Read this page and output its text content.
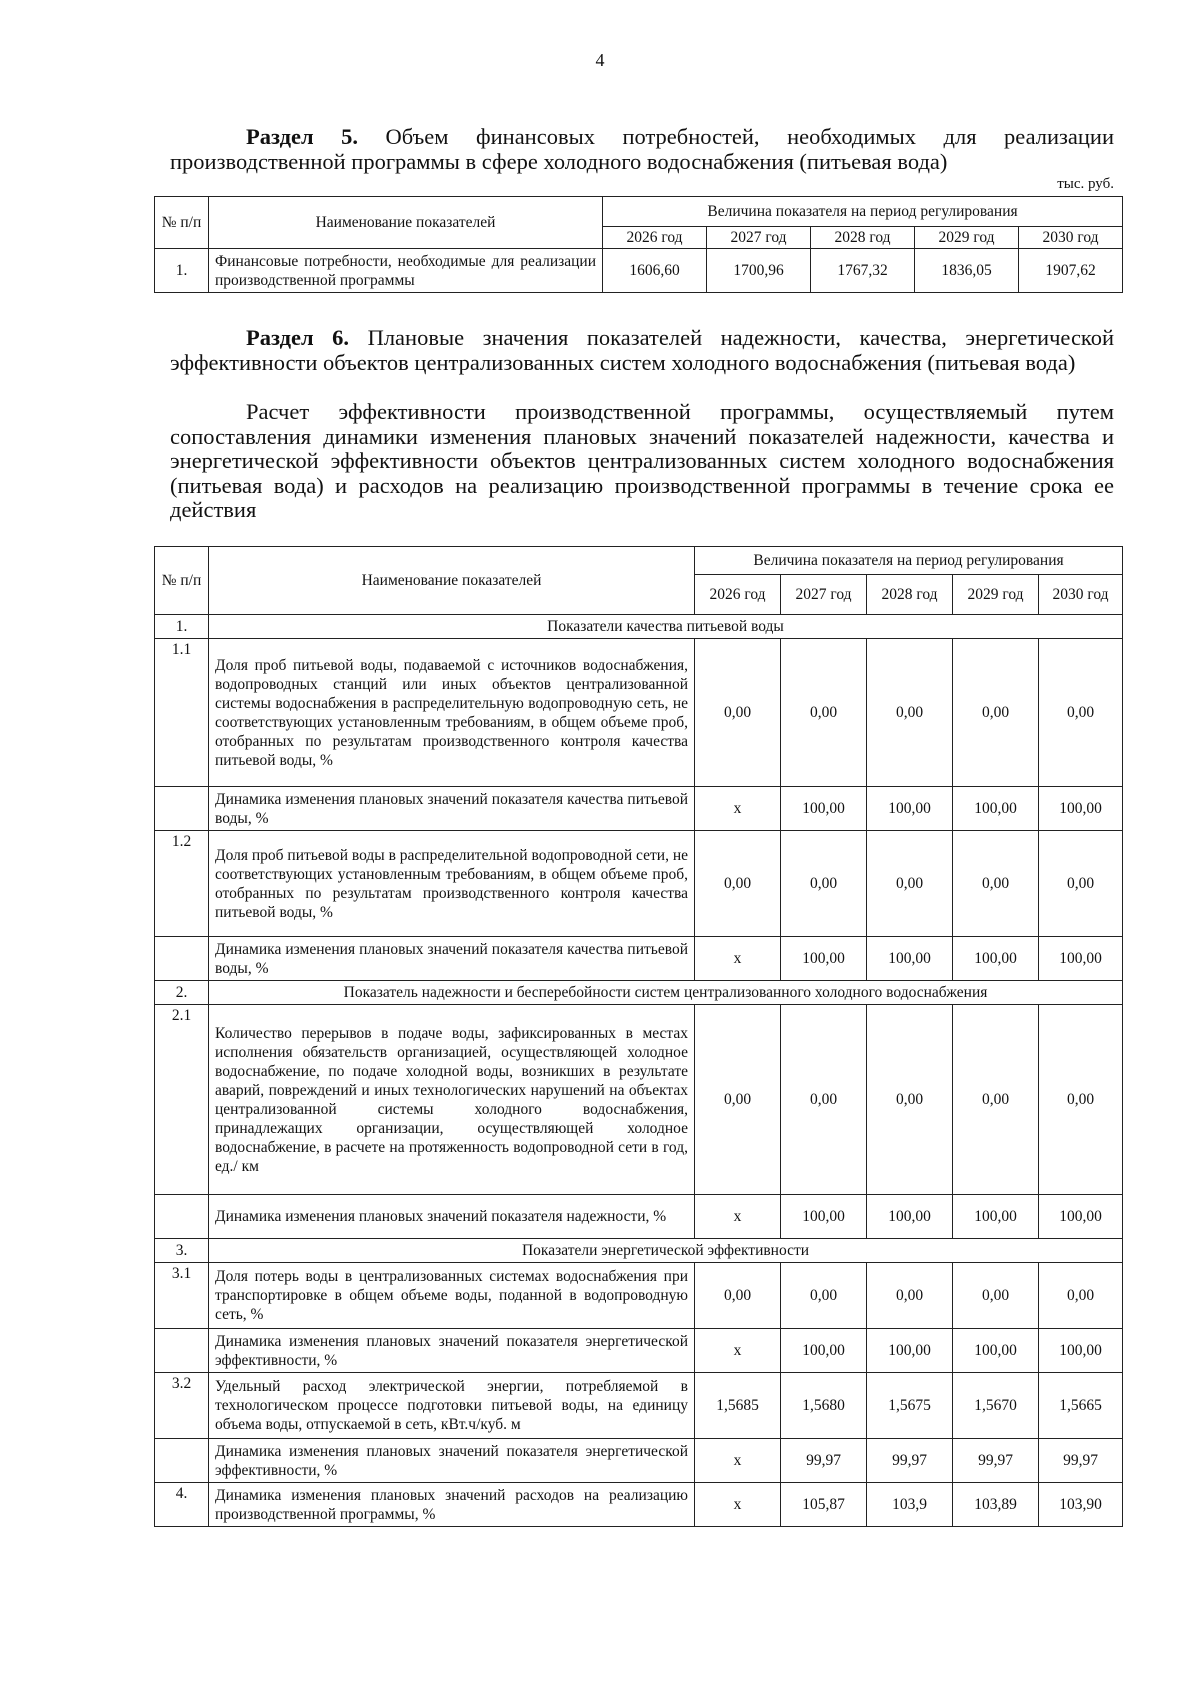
4
Раздел 5. Объем финансовых потребностей, необходимых для реализации производственной программы в сфере холодного водоснабжения (питьевая вода)
тыс. руб.
№ п/п	Наименование показателей	Величина показателя на период регулирования				
		2026 год	2027 год	2028 год	2029 год	2030 год
1.	Финансовые потребности, необходимые для реализации производственной программы	1606,60	1700,96	1767,32	1836,05	1907,62
Раздел 6. Плановые значения показателей надежности, качества, энергетической эффективности объектов централизованных систем холодного водоснабжения (питьевая вода)
Расчет эффективности производственной программы, осуществляемый путем сопоставления динамики изменения плановых значений показателей надежности, качества и энергетической эффективности объектов централизованных систем холодного водоснабжения (питьевая вода) и расходов на реализацию производственной программы в течение срока ее действия
№ п/п	Наименование показателей	Величина показателя на период регулирования				
		2026 год	2027 год	2028 год	2029 год	2030 год
1.	Показатели качества питьевой воды					
1.1	Доля проб питьевой воды, подаваемой с источников водоснабжения, водопроводных станций или иных объектов централизованной системы водоснабжения в распределительную водопроводную сеть, не соответствующих установленным требованиям, в общем объеме проб, отобранных по результатам производственного контроля качества питьевой воды, %	0,00	0,00	0,00	0,00	0,00
	Динамика изменения плановых значений показателя качества питьевой воды, %	х	100,00	100,00	100,00	100,00
1.2	Доля проб питьевой воды в распределительной водопроводной сети, не соответствующих установленным требованиям, в общем объеме проб, отобранных по результатам производственного контроля качества питьевой воды, %	0,00	0,00	0,00	0,00	0,00
	Динамика изменения плановых значений показателя качества питьевой воды, %	х	100,00	100,00	100,00	100,00
2.	Показатель надежности и бесперебойности систем централизованного холодного водоснабжения					
2.1	Количество перерывов в подаче воды, зафиксированных в местах исполнения обязательств организацией, осуществляющей холодное водоснабжение, по подаче холодной воды, возникших в результате аварий, повреждений и иных технологических нарушений на объектах централизованной системы холодного водоснабжения, принадлежащих организации, осуществляющей холодное водоснабжение, в расчете на протяженность водопроводной сети в год, ед./ км	0,00	0,00	0,00	0,00	0,00
	Динамика изменения плановых значений показателя надежности, %	х	100,00	100,00	100,00	100,00
3.	Показатели энергетической эффективности					
3.1	Доля потерь воды в централизованных системах водоснабжения при транспортировке в общем объеме воды, поданной в водопроводную сеть, %	0,00	0,00	0,00	0,00	0,00
	Динамика изменения плановых значений показателя энергетической эффективности, %	х	100,00	100,00	100,00	100,00
3.2	Удельный расход электрической энергии, потребляемой в технологическом процессе подготовки питьевой воды, на единицу объема воды, отпускаемой в сеть, кВт.ч/куб. м	1,5685	1,5680	1,5675	1,5670	1,5665
	Динамика изменения плановых значений показателя энергетической эффективности, %	х	99,97	99,97	99,97	99,97
4.	Динамика изменения плановых значений расходов на реализацию производственной программы, %	х	105,87	103,9	103,89	103,90
